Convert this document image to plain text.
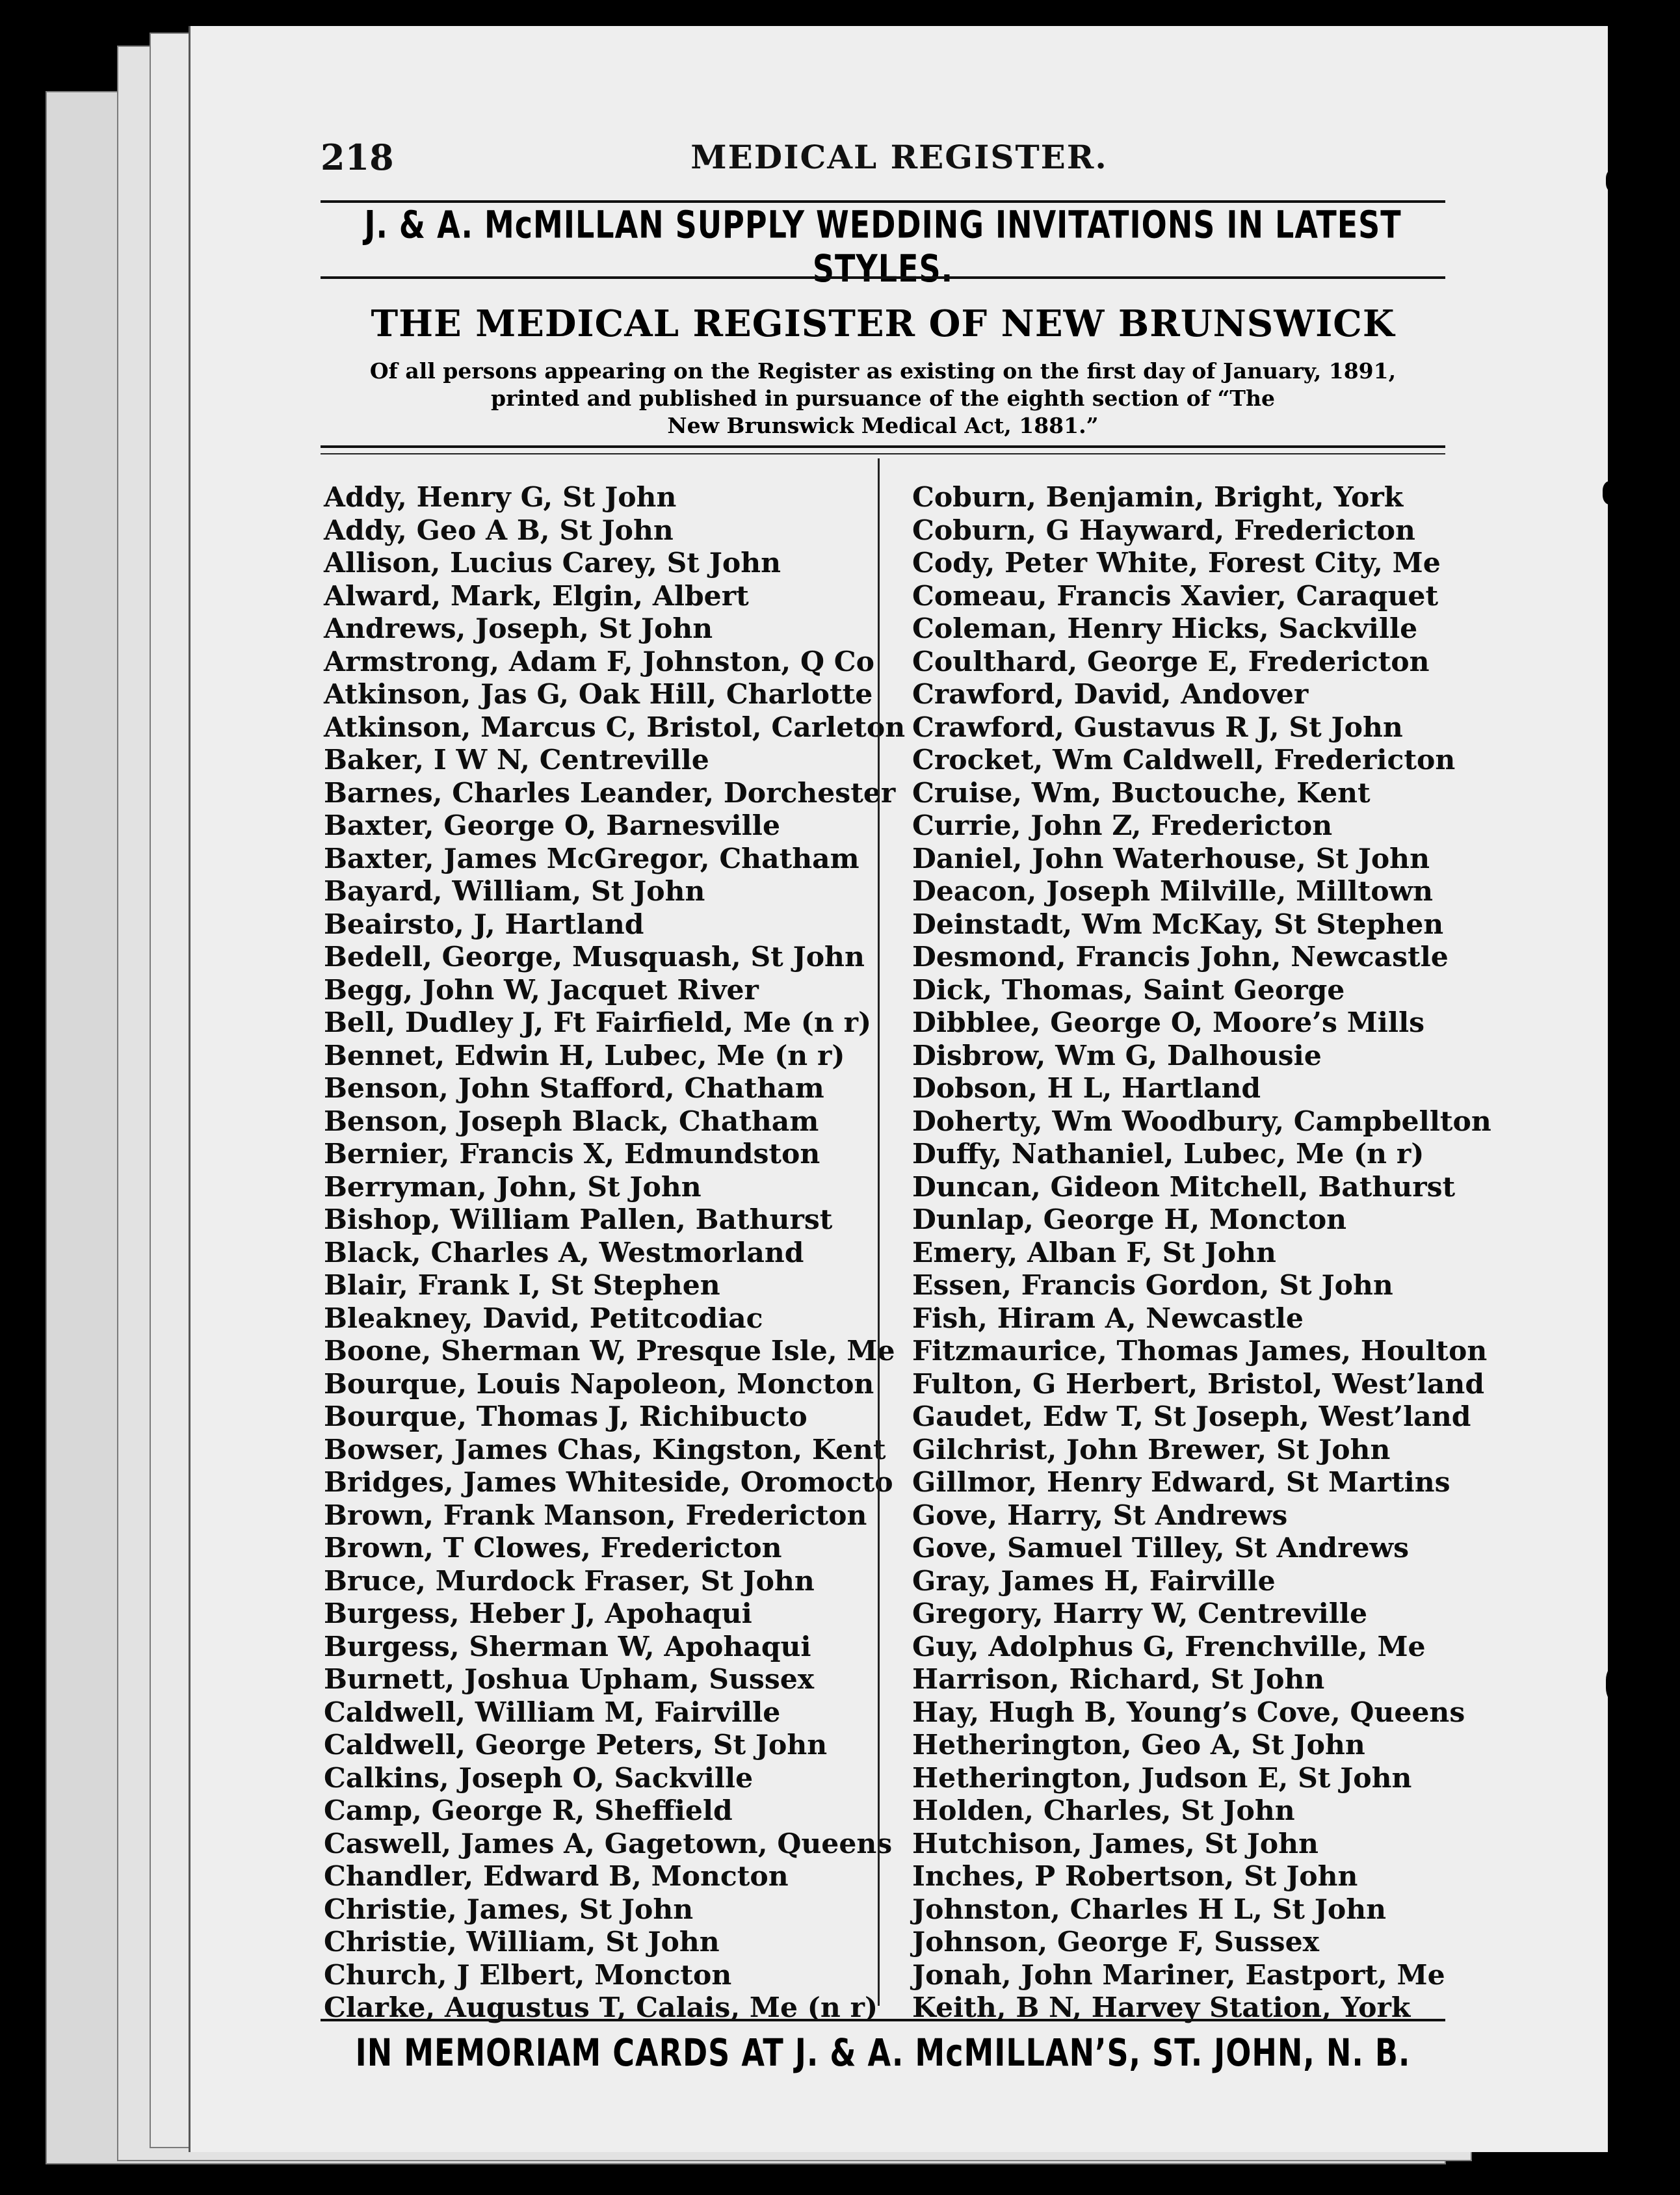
218	MEDICAL REGISTER.
J. & A. McMILLAN SUPPLY WEDDING INVITATIONS IN LATEST STYLES.
THE MEDICAL REGISTER OF NEW BRUNSWICK
Of all persons appearing on the Register as existing on the first day of January, 1891,
printed and published in pursuance of the eighth section of “The
New Brunswick Medical Act, 1881.”
Addy, Henry G, St John
Addy, Geo A B, St John
Allison, Lucius Carey, St John
Alward, Mark, Elgin, Albert
Andrews, Joseph, St John
Armstrong, Adam F, Johnston, Q Co
Atkinson, Jas G, Oak Hill, Charlotte
Atkinson, Marcus C, Bristol, Carleton
Baker, I W N, Centreville
Barnes, Charles Leander, Dorchester
Baxter, George O, Barnesville
Baxter, James McGregor, Chatham
Bayard, William, St John
Beairsto, J, Hartland
Bedell, George, Musquash, St John
Begg, John W, Jacquet River
Bell, Dudley J, Ft Fairfield, Me (n r)
Bennet, Edwin H, Lubec, Me (n r)
Benson, John Stafford, Chatham
Benson, Joseph Black, Chatham
Bernier, Francis X, Edmundston
Berryman, John, St John
Bishop, William Pallen, Bathurst
Black, Charles A, Westmorland
Blair, Frank I, St Stephen
Bleakney, David, Petitcodiac
Boone, Sherman W, Presque Isle, Me
Bourque, Louis Napoleon, Moncton
Bourque, Thomas J, Richibucto
Bowser, James Chas, Kingston, Kent
Bridges, James Whiteside, Oromocto
Brown, Frank Manson, Fredericton
Brown, T Clowes, Fredericton
Bruce, Murdock Fraser, St John
Burgess, Heber J, Apohaqui
Burgess, Sherman W, Apohaqui
Burnett, Joshua Upham, Sussex
Caldwell, William M, Fairville
Caldwell, George Peters, St John
Calkins, Joseph O, Sackville
Camp, George R, Sheffield
Caswell, James A, Gagetown, Queens
Chandler, Edward B, Moncton
Christie, James, St John
Christie, William, St John
Church, J Elbert, Moncton
Clarke, Augustus T, Calais, Me (n r)
Coburn, Benjamin, Bright, York
Coburn, G Hayward, Fredericton
Cody, Peter White, Forest City, Me
Comeau, Francis Xavier, Caraquet
Coleman, Henry Hicks, Sackville
Coulthard, George E, Fredericton
Crawford, David, Andover
Crawford, Gustavus R J, St John
Crocket, Wm Caldwell, Fredericton
Cruise, Wm, Buctouche, Kent
Currie, John Z, Fredericton
Daniel, John Waterhouse, St John
Deacon, Joseph Milville, Milltown
Deinstadt, Wm McKay, St Stephen
Desmond, Francis John, Newcastle
Dick, Thomas, Saint George
Dibblee, George O, Moore’s Mills
Disbrow, Wm G, Dalhousie
Dobson, H L, Hartland
Doherty, Wm Woodbury, Campbellton
Duffy, Nathaniel, Lubec, Me (n r)
Duncan, Gideon Mitchell, Bathurst
Dunlap, George H, Moncton
Emery, Alban F, St John
Essen, Francis Gordon, St John
Fish, Hiram A, Newcastle
Fitzmaurice, Thomas James, Houlton
Fulton, G Herbert, Bristol, West’land
Gaudet, Edw T, St Joseph, West’land
Gilchrist, John Brewer, St John
Gillmor, Henry Edward, St Martins
Gove, Harry, St Andrews
Gove, Samuel Tilley, St Andrews
Gray, James H, Fairville
Gregory, Harry W, Centreville
Guy, Adolphus G, Frenchville, Me
Harrison, Richard, St John
Hay, Hugh B, Young’s Cove, Queens
Hetherington, Geo A, St John
Hetherington, Judson E, St John
Holden, Charles, St John
Hutchison, James, St John
Inches, P Robertson, St John
Johnston, Charles H L, St John
Johnson, George F, Sussex
Jonah, John Mariner, Eastport, Me
Keith, B N, Harvey Station, York
IN MEMORIAM CARDS AT J. & A. McMILLAN’S, ST. JOHN, N. B.
